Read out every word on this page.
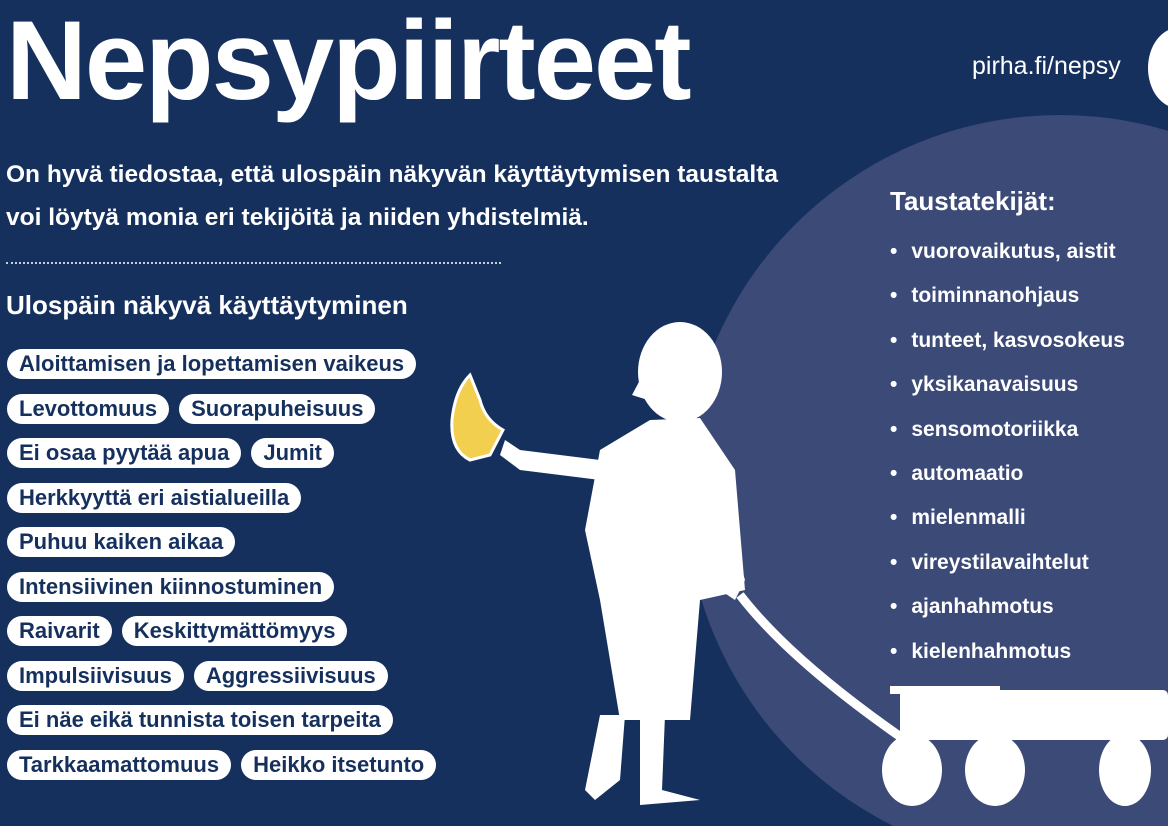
Nepsypiirteet	pirha.fi/nepsy
On hyvä tiedostaa, että ulospäin näkyvän käyttäytymisen taustalta voi löytyä monia eri tekijöitä ja niiden yhdistelmiä.
Ulospäin näkyvä käyttäytyminen
Aloittamisen ja lopettamisen vaikeus
Levottomuus	Suorapuheisuus
Ei osaa pyytää apua	Jumit
Herkkyyttä eri aistialueilla
Puhuu kaiken aikaa
Intensiivinen kiinnostuminen
Raivarit	Keskittymättömyys
Impulsiivisuus	Aggressiivisuus
Ei näe eikä tunnista toisen tarpeita
Tarkkaamattomuus	Heikko itsetunto
Taustatekijät:
• vuorovaikutus, aistit
• toiminnanohjaus
• tunteet, kasvosokeus
• yksikanavaisuus
• sensomotoriikka
• automaatio
• mielenmalli
• vireystilavaihtelut
• ajanhahmotus
• kielenhahmotus
